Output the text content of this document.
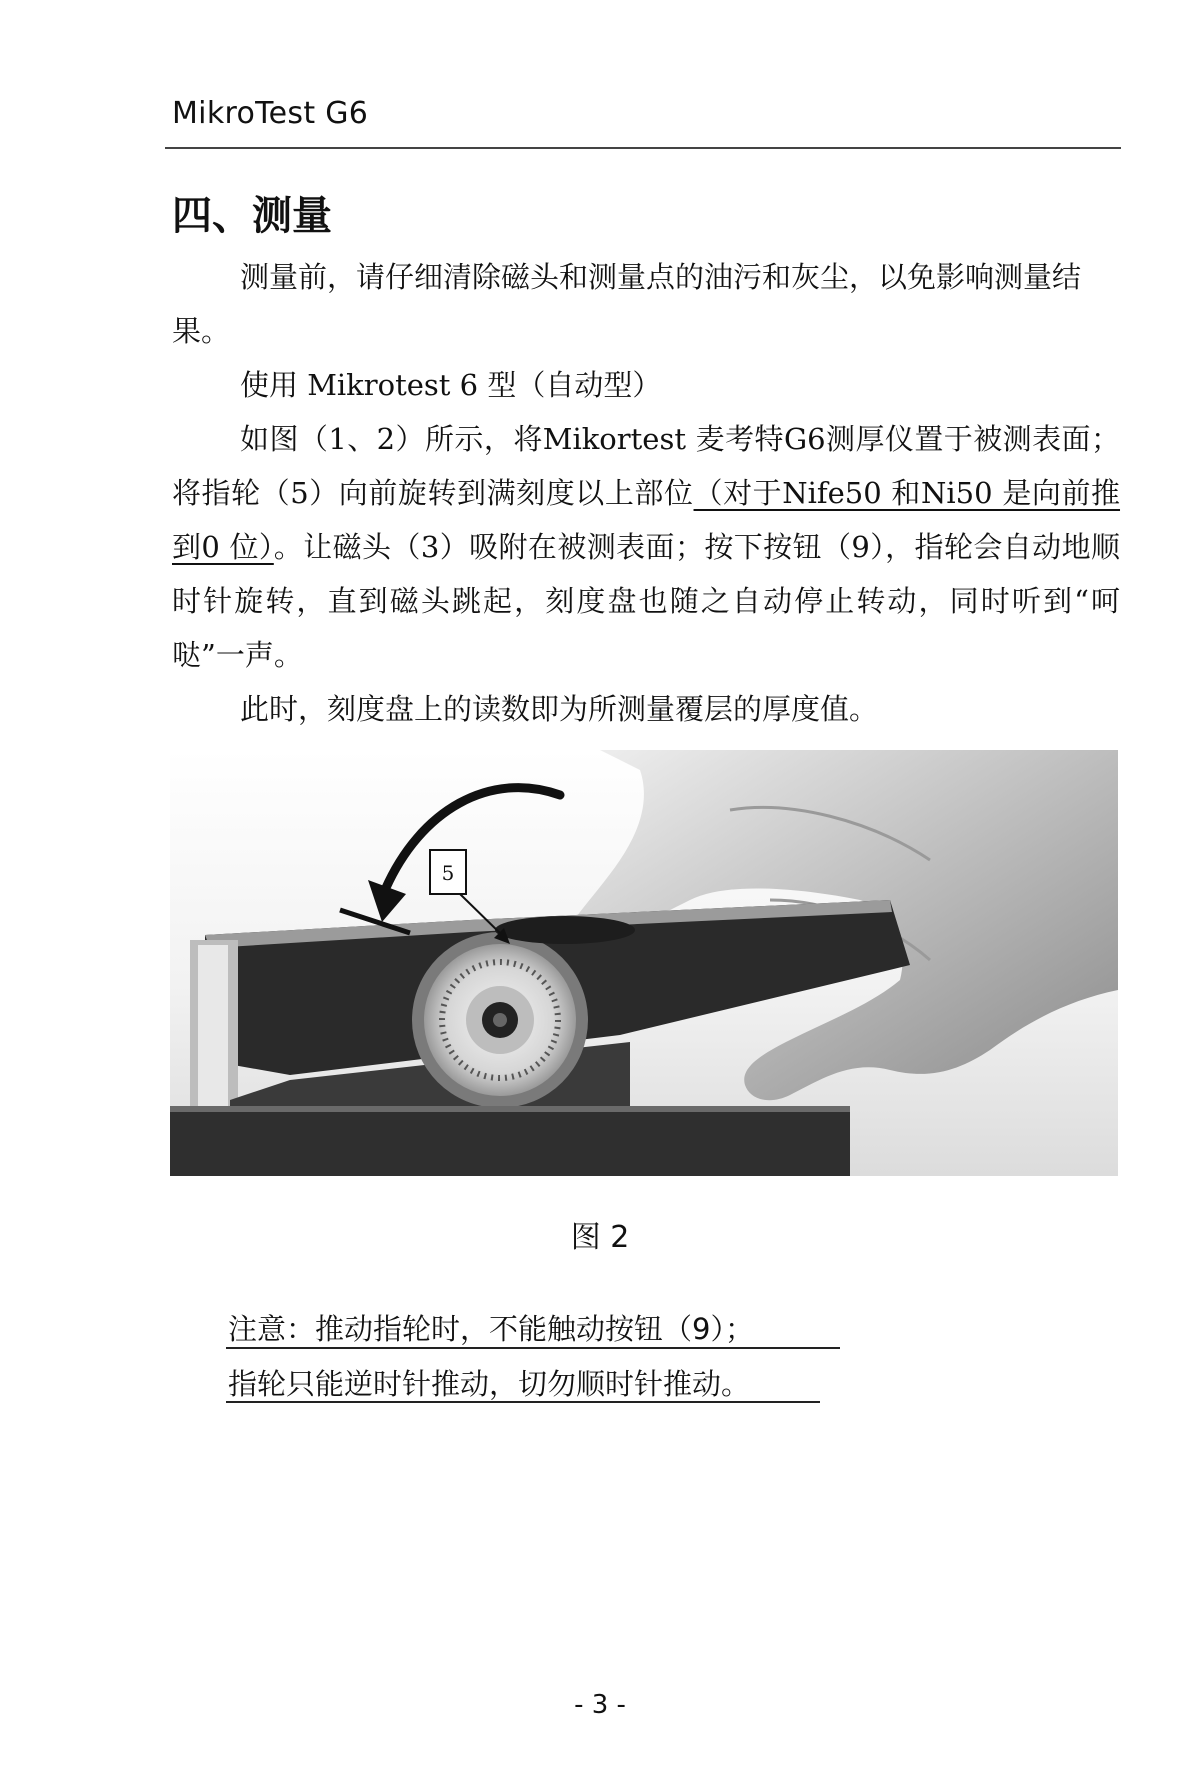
MikroTest G6
四、测量

测量前，请仔细清除磁头和测量点的油污和灰尘，以免影响测量结果。

使用 Mikrotest 6 型（自动型）

如图（1、2）所示，将Mikortest 麦考特G6测厚仪置于被测表面；将指轮（5）向前旋转到满刻度以上部位（对于Nife50 和Ni50 是向前推到0 位）。让磁头（3）吸附在被测表面；按下按钮（9），指轮会自动地顺时针旋转，直到磁头跳起，刻度盘也随之自动停止转动，同时听到“呵哒”一声。

此时，刻度盘上的读数即为所测量覆层的厚度值。

5
图 2
注意：推动指轮时，不能触动按钮（9）；
指轮只能逆时针推动，切勿顺时针推动。
- 3 -
